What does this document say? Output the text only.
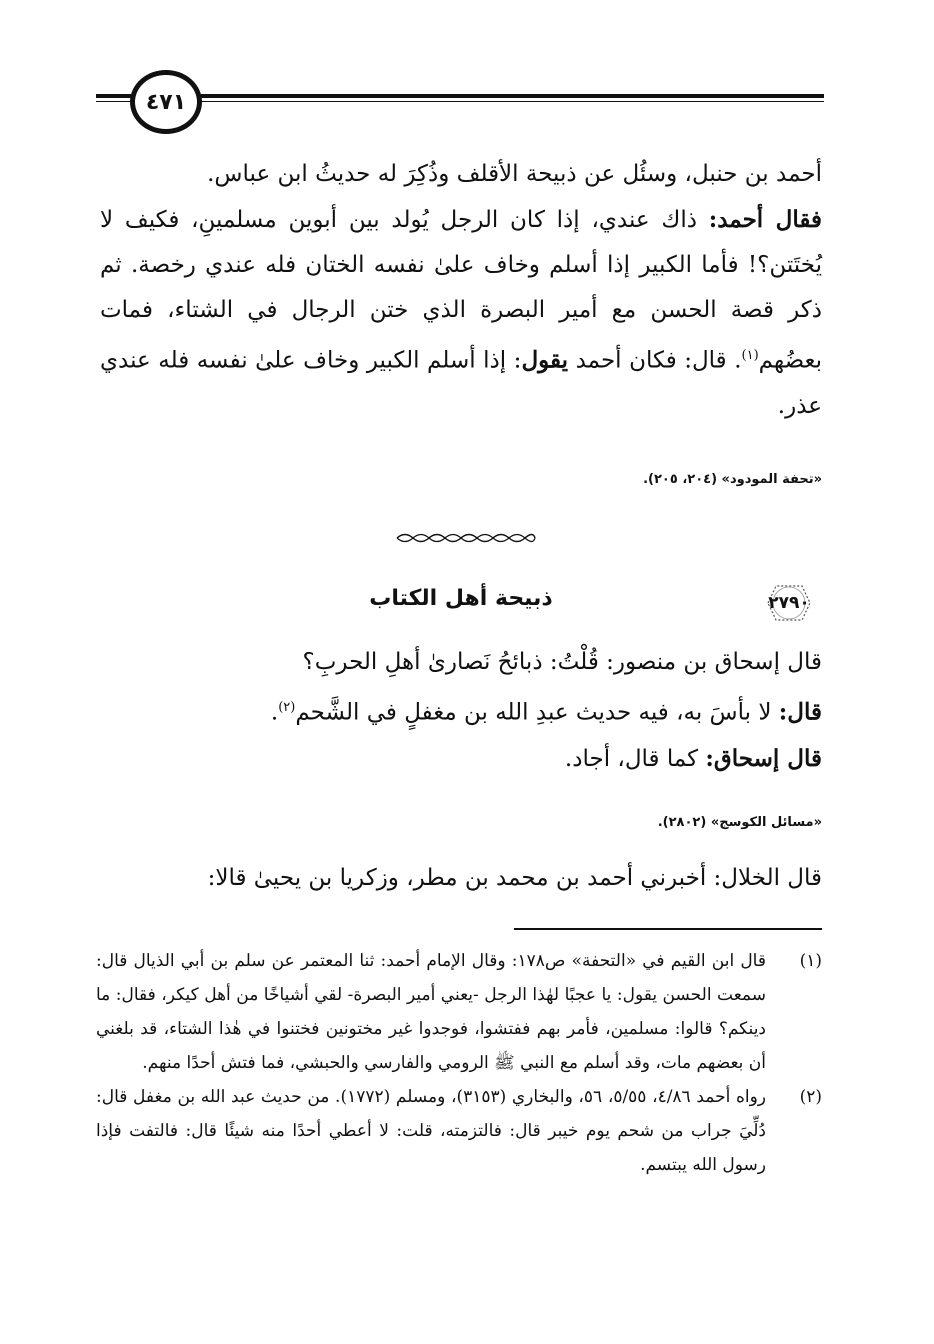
٤٧١

أحمد بن حنبل، وسئُل عن ذبيحة الأقلف وذُكِرَ له حديثُ ابن عباس.

فقال أحمد: ذاك عندي، إذا كان الرجل يُولد بين أبوين مسلمينِ، فكيف لا يُختَتن؟! فأما الكبير إذا أسلم وخاف علىٰ نفسه الختان فله عندي رخصة. ثم ذكر قصة الحسن مع أمير البصرة الذي ختن الرجال في الشتاء، فمات بعضُهم$^{(١)}$. قال: فكان أحمد يقول: إذا أسلم الكبير وخاف علىٰ نفسه فله عندي عذر.

«تحفة المودود» (٢٠٤، ٢٠٥).
٢٧٩٠
ذبيحة أهل الكتاب

قال إسحاق بن منصور: قُلْتُ: ذبائحُ نَصارىٰ أهلِ الحربِ؟

قال: لا بأسَ به، فيه حديث عبدِ الله بن مغفلٍ في الشَّحم$^{(٢)}$.

قال إسحاق: كما قال، أجاد.

«مسائل الكوسج» (٢٨٠٢).

قال الخلال: أخبرني أحمد بن محمد بن مطر، وزكريا بن يحيىٰ قالا:

(١)
قال ابن القيم في «التحفة» ص١٧٨: وقال الإمام أحمد: ثنا المعتمر عن سلم بن أبي الذيال قال: سمعت الحسن يقول: يا عجبًا لهٰذا الرجل -يعني أمير البصرة- لقي أشياخًا من أهل كيكر، فقال: ما دينكم؟ قالوا: مسلمين، فأمر بهم ففتشوا، فوجدوا غير مختونين فختنوا في هٰذا الشتاء، قد بلغني أن بعضهم مات، وقد أسلم مع النبي ﷺ الرومي والفارسي والحبشي، فما فتش أحدًا منهم.

(٢)
رواه أحمد ٤/٨٦، ٥/٥٥، ٥٦، والبخاري (٣١٥٣)، ومسلم (١٧٧٢). من حديث عبد الله بن مغفل قال: دُلِّيَ جراب من شحم يوم خيبر قال: فالتزمته، قلت: لا أعطي أحدًا منه شيئًا قال: فالتفت فإذا رسول الله يبتسم.
